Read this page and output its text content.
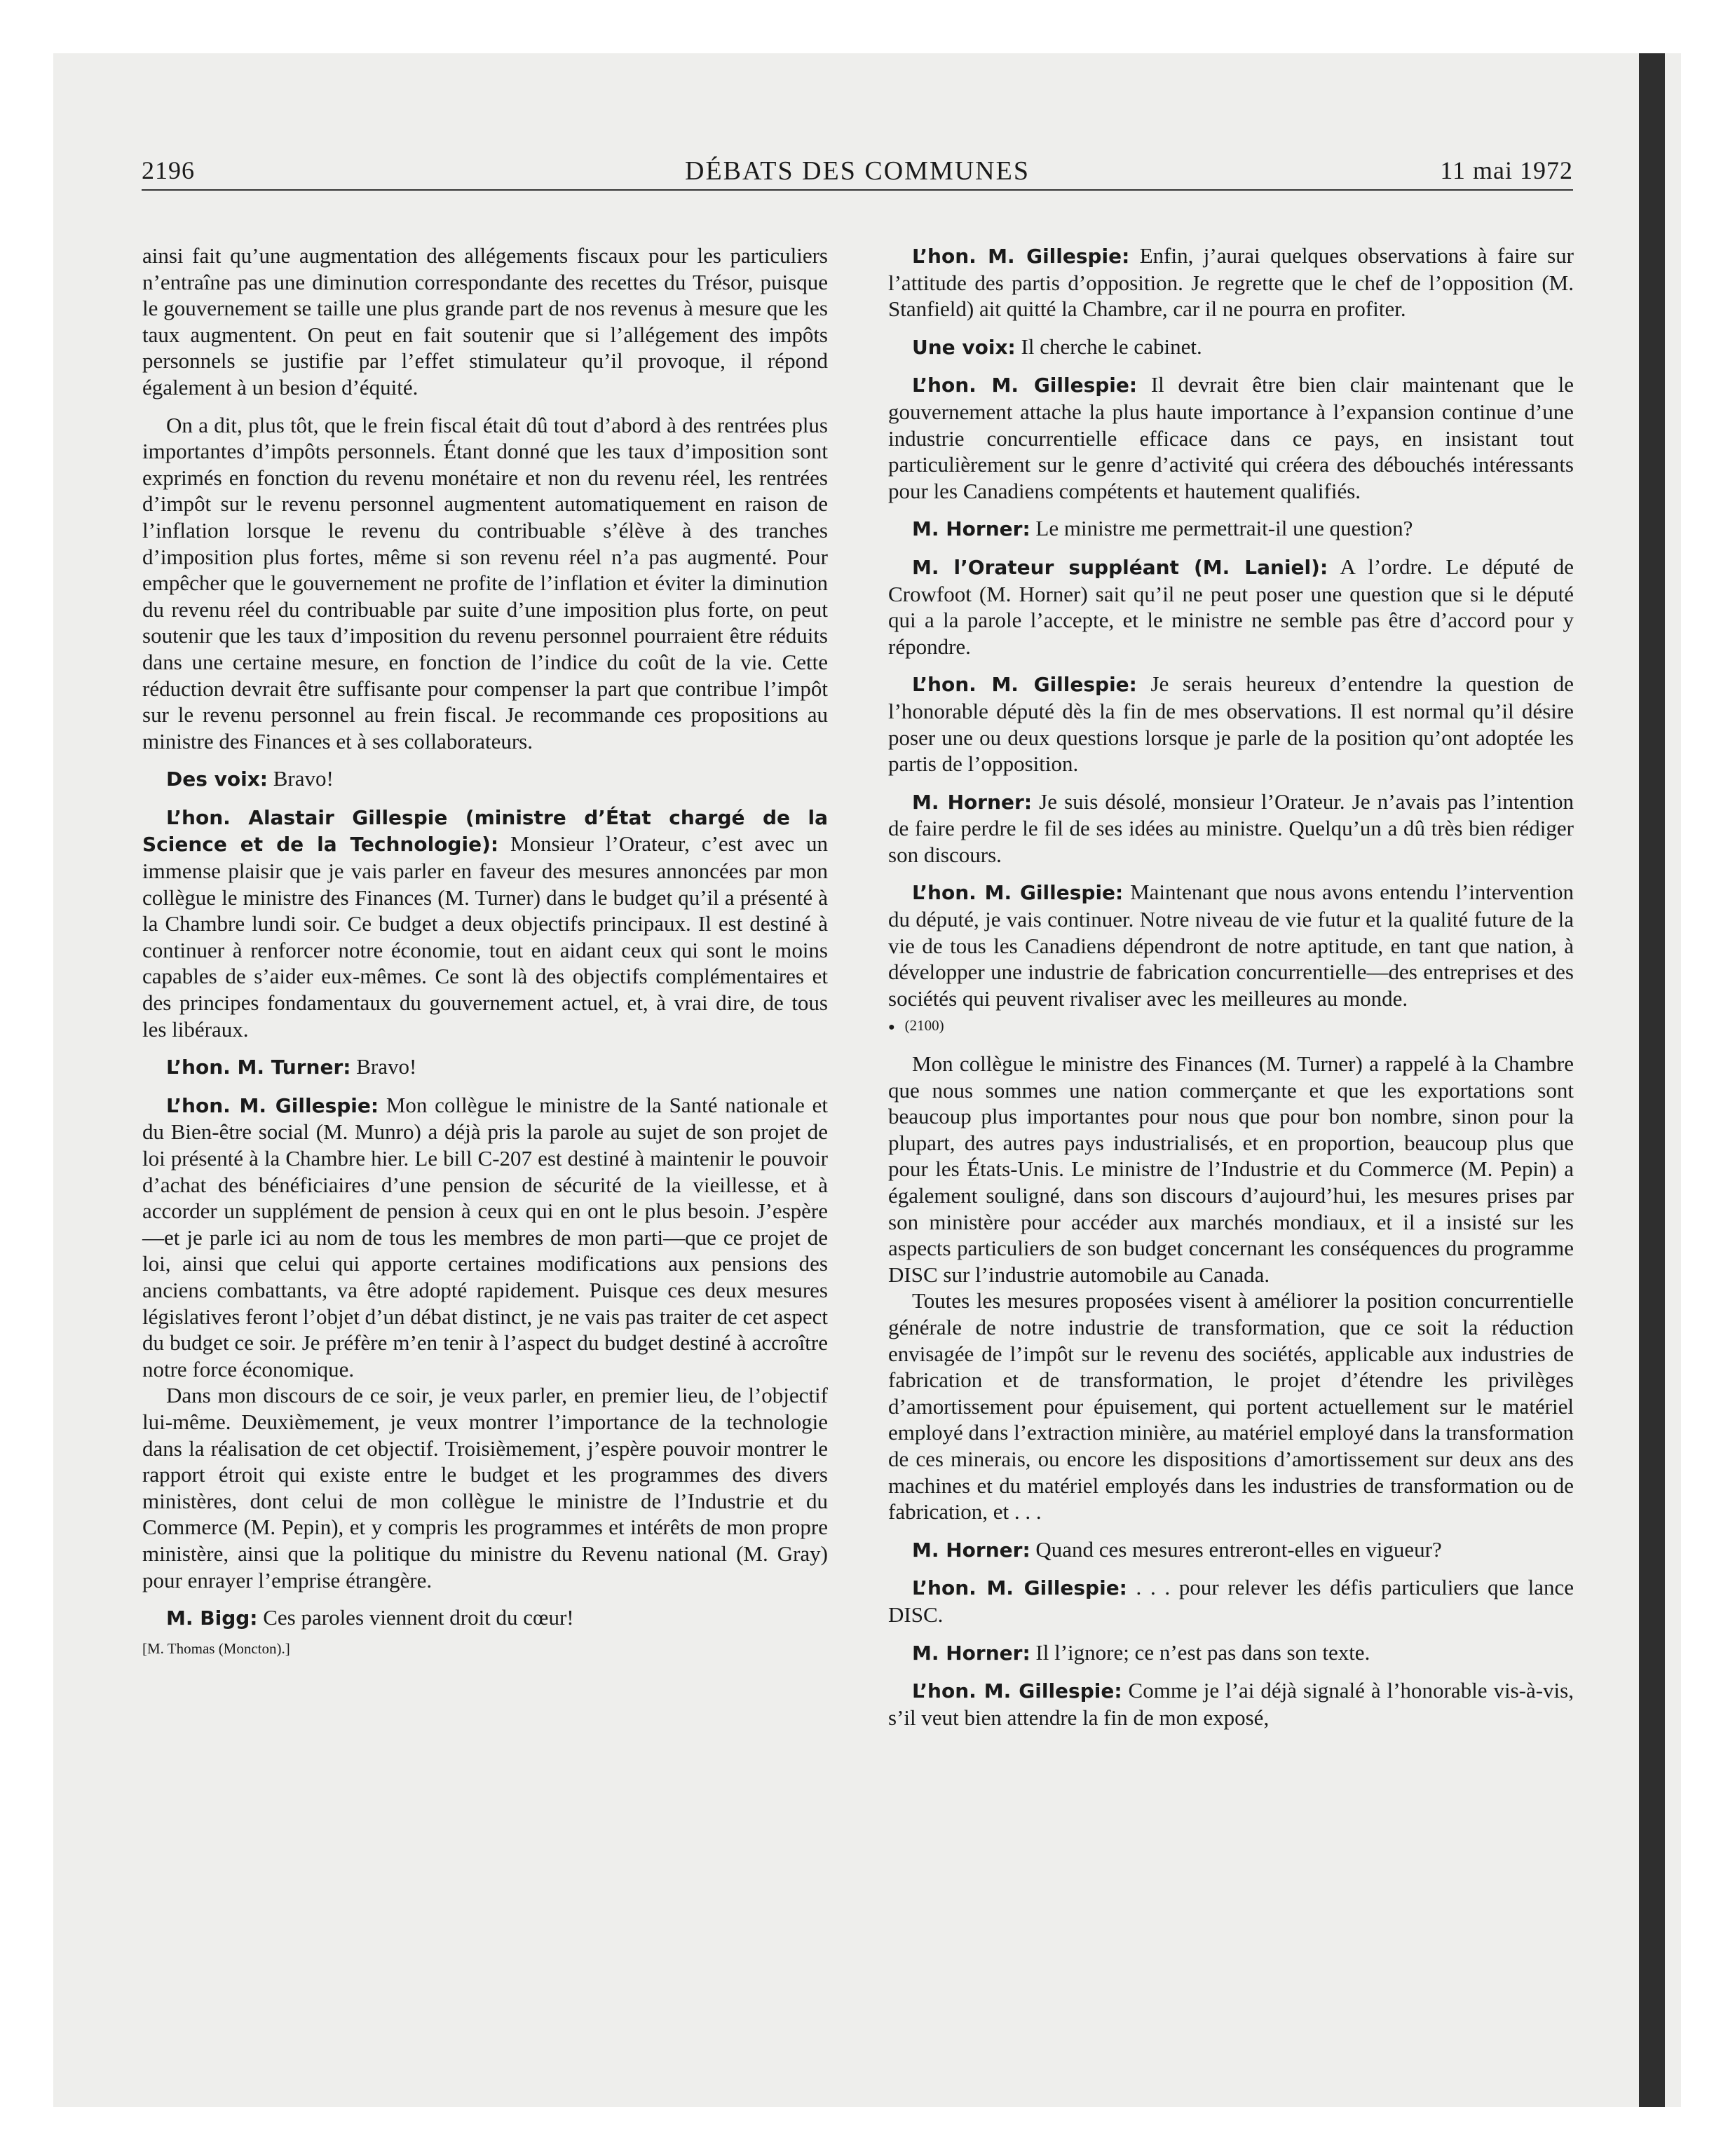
2196	DÉBATS DES COMMUNES	11 mai 1972

ainsi fait qu’une augmentation des allégements fiscaux pour les particuliers n’entraîne pas une diminution correspondante des recettes du Trésor, puisque le gouvernement se taille une plus grande part de nos revenus à mesure que les taux augmentent. On peut en fait soutenir que si l’allégement des impôts personnels se justifie par l’effet stimulateur qu’il provoque, il répond également à un besion d’équité.

On a dit, plus tôt, que le frein fiscal était dû tout d’abord à des rentrées plus importantes d’impôts personnels. Étant donné que les taux d’imposition sont exprimés en fonction du revenu monétaire et non du revenu réel, les rentrées d’impôt sur le revenu personnel augmentent automatiquement en raison de l’inflation lorsque le revenu du contribuable s’élève à des tranches d’imposition plus fortes, même si son revenu réel n’a pas augmenté. Pour empêcher que le gouvernement ne profite de l’inflation et éviter la diminution du revenu réel du contribuable par suite d’une imposition plus forte, on peut soutenir que les taux d’imposition du revenu personnel pourraient être réduits dans une certaine mesure, en fonction de l’indice du coût de la vie. Cette réduction devrait être suffisante pour compenser la part que contribue l’impôt sur le revenu personnel au frein fiscal. Je recommande ces propositions au ministre des Finances et à ses collaborateurs.

Des voix: Bravo!

L’hon. Alastair Gillespie (ministre d’État chargé de la Science et de la Technologie): Monsieur l’Orateur, c’est avec un immense plaisir que je vais parler en faveur des mesures annoncées par mon collègue le ministre des Finances (M. Turner) dans le budget qu’il a présenté à la Chambre lundi soir. Ce budget a deux objectifs principaux. Il est destiné à continuer à renforcer notre économie, tout en aidant ceux qui sont le moins capables de s’aider eux-mêmes. Ce sont là des objectifs complémentaires et des principes fondamentaux du gouvernement actuel, et, à vrai dire, de tous les libéraux.

L’hon. M. Turner: Bravo!

L’hon. M. Gillespie: Mon collègue le ministre de la Santé nationale et du Bien-être social (M. Munro) a déjà pris la parole au sujet de son projet de loi présenté à la Chambre hier. Le bill C-207 est destiné à maintenir le pouvoir d’achat des bénéficiaires d’une pension de sécurité de la vieillesse, et à accorder un supplément de pension à ceux qui en ont le plus besoin. J’espère—et je parle ici au nom de tous les membres de mon parti—que ce projet de loi, ainsi que celui qui apporte certaines modifications aux pensions des anciens combattants, va être adopté rapidement. Puisque ces deux mesures législatives feront l’objet d’un débat distinct, je ne vais pas traiter de cet aspect du budget ce soir. Je préfère m’en tenir à l’aspect du budget destiné à accroître notre force économique.

Dans mon discours de ce soir, je veux parler, en premier lieu, de l’objectif lui-même. Deuxièmement, je veux montrer l’importance de la technologie dans la réalisation de cet objectif. Troisièmement, j’espère pouvoir montrer le rapport étroit qui existe entre le budget et les programmes des divers ministères, dont celui de mon collègue le ministre de l’Industrie et du Commerce (M. Pepin), et y compris les programmes et intérêts de mon propre ministère, ainsi que la politique du ministre du Revenu national (M. Gray) pour enrayer l’emprise étrangère.

M. Bigg: Ces paroles viennent droit du cœur!

[M. Thomas (Moncton).]

L’hon. M. Gillespie: Enfin, j’aurai quelques observations à faire sur l’attitude des partis d’opposition. Je regrette que le chef de l’opposition (M. Stanfield) ait quitté la Chambre, car il ne pourra en profiter.

Une voix: Il cherche le cabinet.

L’hon. M. Gillespie: Il devrait être bien clair maintenant que le gouvernement attache la plus haute importance à l’expansion continue d’une industrie concurrentielle efficace dans ce pays, en insistant tout particulièrement sur le genre d’activité qui créera des débouchés intéressants pour les Canadiens compétents et hautement qualifiés.

M. Horner: Le ministre me permettrait-il une question?

M. l’Orateur suppléant (M. Laniel): A l’ordre. Le député de Crowfoot (M. Horner) sait qu’il ne peut poser une question que si le député qui a la parole l’accepte, et le ministre ne semble pas être d’accord pour y répondre.

L’hon. M. Gillespie: Je serais heureux d’entendre la question de l’honorable député dès la fin de mes observations. Il est normal qu’il désire poser une ou deux questions lorsque je parle de la position qu’ont adoptée les partis de l’opposition.

M. Horner: Je suis désolé, monsieur l’Orateur. Je n’avais pas l’intention de faire perdre le fil de ses idées au ministre. Quelqu’un a dû très bien rédiger son discours.

L’hon. M. Gillespie: Maintenant que nous avons entendu l’intervention du député, je vais continuer. Notre niveau de vie futur et la qualité future de la vie de tous les Canadiens dépendront de notre aptitude, en tant que nation, à développer une industrie de fabrication concurrentielle—des entreprises et des sociétés qui peuvent rivaliser avec les meilleures au monde.

● (2100)

Mon collègue le ministre des Finances (M. Turner) a rappelé à la Chambre que nous sommes une nation commerçante et que les exportations sont beaucoup plus importantes pour nous que pour bon nombre, sinon pour la plupart, des autres pays industrialisés, et en proportion, beaucoup plus que pour les États-Unis. Le ministre de l’Industrie et du Commerce (M. Pepin) a également souligné, dans son discours d’aujourd’hui, les mesures prises par son ministère pour accéder aux marchés mondiaux, et il a insisté sur les aspects particuliers de son budget concernant les conséquences du programme DISC sur l’industrie automobile au Canada.

Toutes les mesures proposées visent à améliorer la position concurrentielle générale de notre industrie de transformation, que ce soit la réduction envisagée de l’impôt sur le revenu des sociétés, applicable aux industries de fabrication et de transformation, le projet d’étendre les privilèges d’amortissement pour épuisement, qui portent actuellement sur le matériel employé dans l’extraction minière, au matériel employé dans la transformation de ces minerais, ou encore les dispositions d’amortissement sur deux ans des machines et du matériel employés dans les industries de transformation ou de fabrication, et . . .

M. Horner: Quand ces mesures entreront-elles en vigueur?

L’hon. M. Gillespie: . . . pour relever les défis particuliers que lance DISC.

M. Horner: Il l’ignore; ce n’est pas dans son texte.

L’hon. M. Gillespie: Comme je l’ai déjà signalé à l’honorable vis-à-vis, s’il veut bien attendre la fin de mon exposé,
